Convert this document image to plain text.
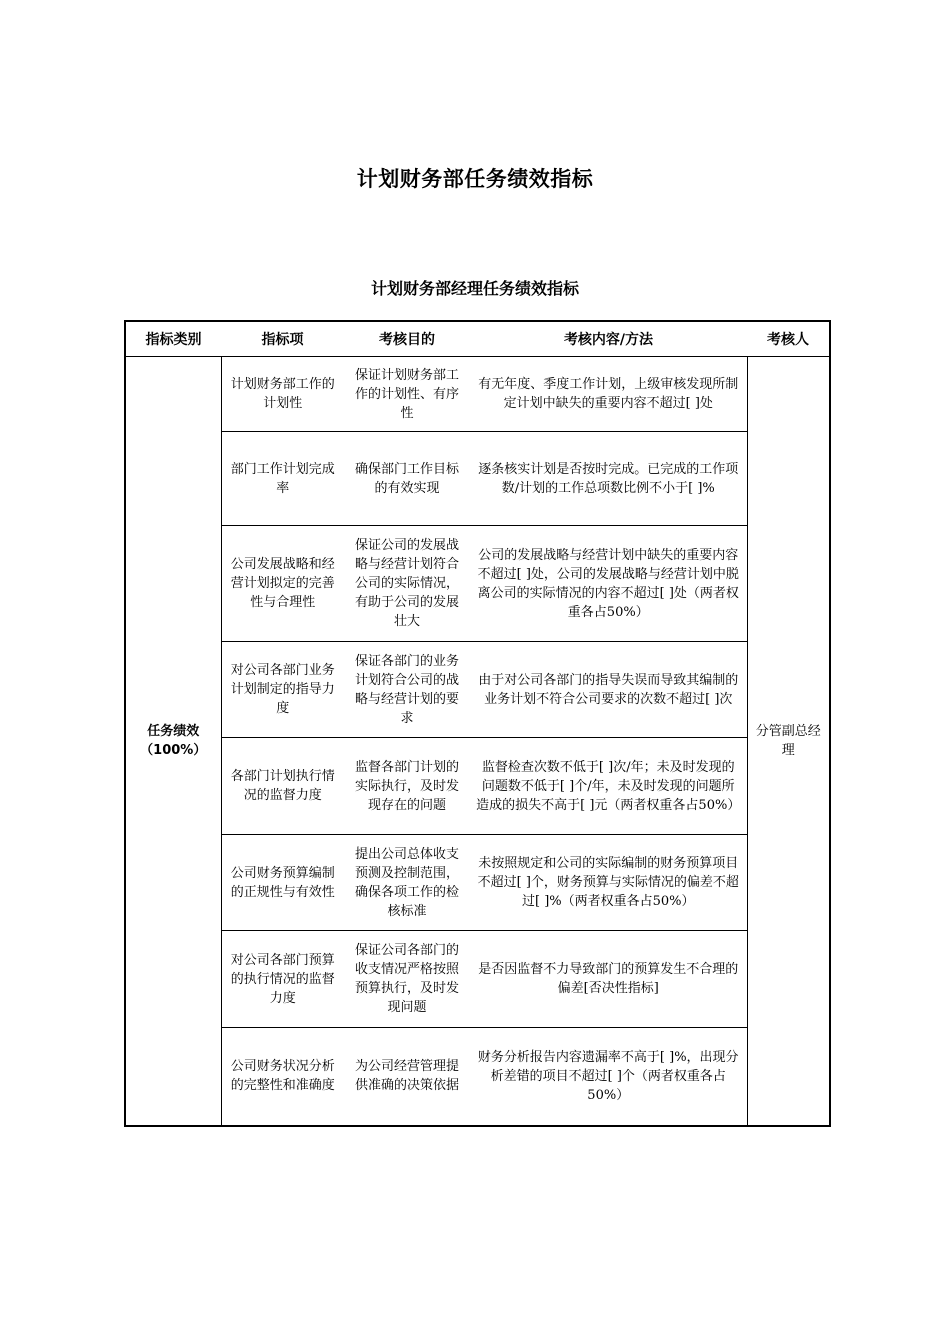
计划财务部任务绩效指标
计划财务部经理任务绩效指标
指标类别	指标项	考核目的	考核内容/方法	考核人

任务绩效
（100%）	计划财务部工作的计划性	保证计划财务部工作的计划性、有序性	有无年度、季度工作计划，上级审核发现所制定计划中缺失的重要内容不超过[ ]处	分管副总经理
	部门工作计划完成率	确保部门工作目标的有效实现	逐条核实计划是否按时完成。已完成的工作项数/计划的工作总项数比例不小于[ ]%	
	公司发展战略和经营计划拟定的完善性与合理性	保证公司的发展战略与经营计划符合公司的实际情况，有助于公司的发展壮大	公司的发展战略与经营计划中缺失的重要内容不超过[ ]处，公司的发展战略与经营计划中脱离公司的实际情况的内容不超过[ ]处（两者权重各占50%）	
	对公司各部门业务计划制定的指导力度	保证各部门的业务计划符合公司的战略与经营计划的要求	由于对公司各部门的指导失误而导致其编制的业务计划不符合公司要求的次数不超过[ ]次	
	各部门计划执行情况的监督力度	监督各部门计划的实际执行，及时发现存在的问题	监督检查次数不低于[ ]次/年；未及时发现的问题数不低于[ ]个/年，未及时发现的问题所造成的损失不高于[ ]元（两者权重各占50%）	
	公司财务预算编制的正规性与有效性	提出公司总体收支预测及控制范围，确保各项工作的检核标准	未按照规定和公司的实际编制的财务预算项目不超过[ ]个，财务预算与实际情况的偏差不超过[ ]%（两者权重各占50%）	
	对公司各部门预算的执行情况的监督力度	保证公司各部门的收支情况严格按照预算执行，及时发现问题	是否因监督不力导致部门的预算发生不合理的偏差[否决性指标]	
	公司财务状况分析的完整性和准确度	为公司经营管理提供准确的决策依据	财务分析报告内容遗漏率不高于[ ]%，出现分析差错的项目不超过[ ]个（两者权重各占50%）	
